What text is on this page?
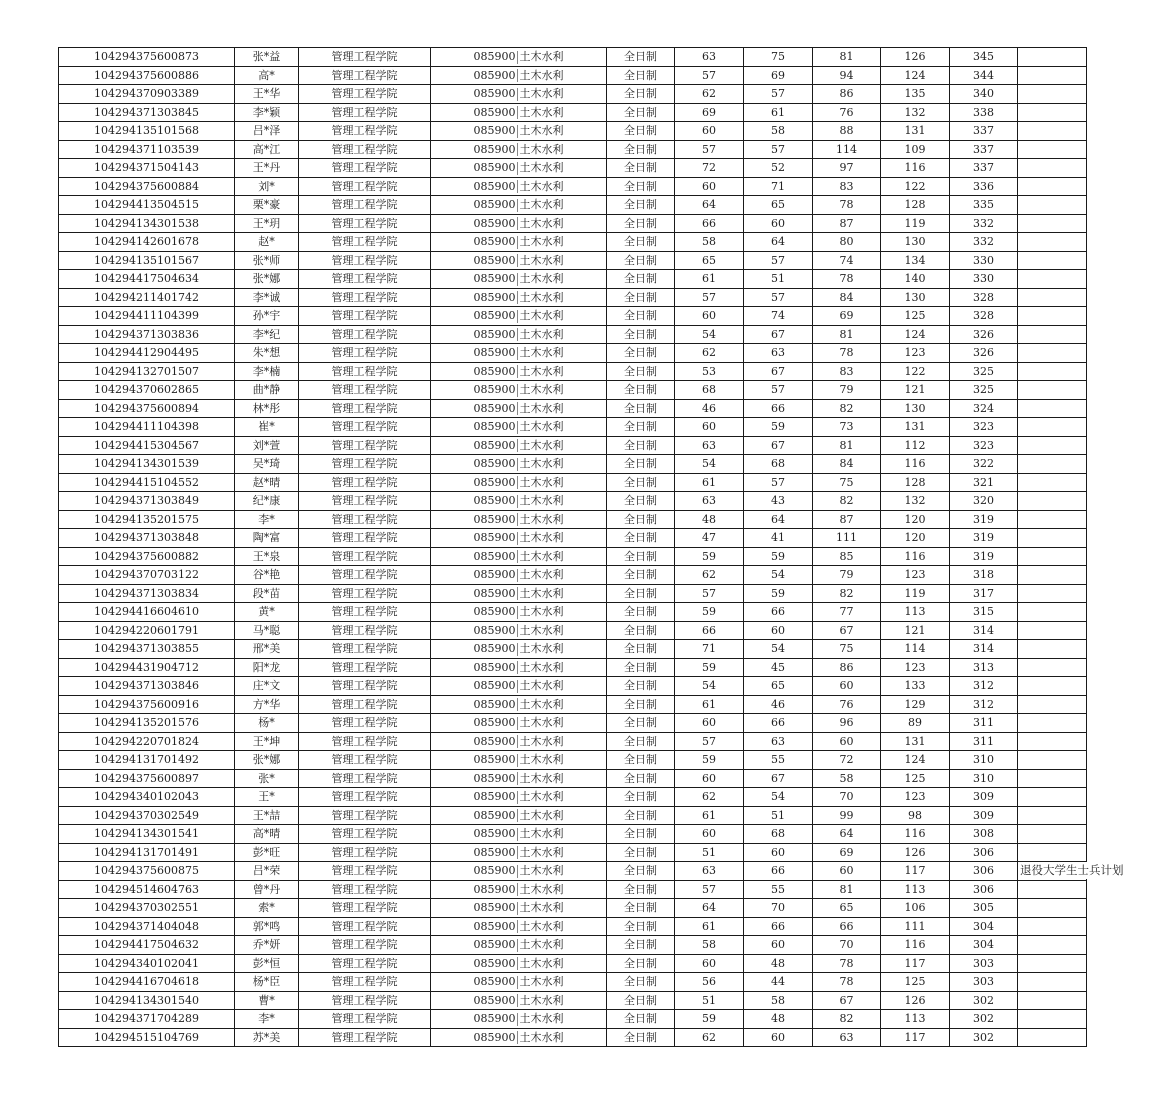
104294375600873	张*益	管理工程学院	085900 土木水利	全日制	63	75	81	126	345	
104294375600886	高*	管理工程学院	085900 土木水利	全日制	57	69	94	124	344	
104294370903389	王*华	管理工程学院	085900 土木水利	全日制	62	57	86	135	340	
104294371303845	李*颖	管理工程学院	085900 土木水利	全日制	69	61	76	132	338	
104294135101568	吕*泽	管理工程学院	085900 土木水利	全日制	60	58	88	131	337	
104294371103539	高*江	管理工程学院	085900 土木水利	全日制	57	57	114	109	337	
104294371504143	王*丹	管理工程学院	085900 土木水利	全日制	72	52	97	116	337	
104294375600884	刘*	管理工程学院	085900 土木水利	全日制	60	71	83	122	336	
104294413504515	栗*豪	管理工程学院	085900 土木水利	全日制	64	65	78	128	335	
104294134301538	王*玥	管理工程学院	085900 土木水利	全日制	66	60	87	119	332	
104294142601678	赵*	管理工程学院	085900 土木水利	全日制	58	64	80	130	332	
104294135101567	张*师	管理工程学院	085900 土木水利	全日制	65	57	74	134	330	
104294417504634	张*娜	管理工程学院	085900 土木水利	全日制	61	51	78	140	330	
104294211401742	李*诚	管理工程学院	085900 土木水利	全日制	57	57	84	130	328	
104294411104399	孙*宇	管理工程学院	085900 土木水利	全日制	60	74	69	125	328	
104294371303836	李*纪	管理工程学院	085900 土木水利	全日制	54	67	81	124	326	
104294412904495	朱*想	管理工程学院	085900 土木水利	全日制	62	63	78	123	326	
104294132701507	李*楠	管理工程学院	085900 土木水利	全日制	53	67	83	122	325	
104294370602865	曲*静	管理工程学院	085900 土木水利	全日制	68	57	79	121	325	
104294375600894	林*彤	管理工程学院	085900 土木水利	全日制	46	66	82	130	324	
104294411104398	崔*	管理工程学院	085900 土木水利	全日制	60	59	73	131	323	
104294415304567	刘*萱	管理工程学院	085900 土木水利	全日制	63	67	81	112	323	
104294134301539	吴*琦	管理工程学院	085900 土木水利	全日制	54	68	84	116	322	
104294415104552	赵*晴	管理工程学院	085900 土木水利	全日制	61	57	75	128	321	
104294371303849	纪*康	管理工程学院	085900 土木水利	全日制	63	43	82	132	320	
104294135201575	李*	管理工程学院	085900 土木水利	全日制	48	64	87	120	319	
104294371303848	陶*富	管理工程学院	085900 土木水利	全日制	47	41	111	120	319	
104294375600882	王*泉	管理工程学院	085900 土木水利	全日制	59	59	85	116	319	
104294370703122	谷*艳	管理工程学院	085900 土木水利	全日制	62	54	79	123	318	
104294371303834	段*苗	管理工程学院	085900 土木水利	全日制	57	59	82	119	317	
104294416604610	黄*	管理工程学院	085900 土木水利	全日制	59	66	77	113	315	
104294220601791	马*聪	管理工程学院	085900 土木水利	全日制	66	60	67	121	314	
104294371303855	邢*美	管理工程学院	085900 土木水利	全日制	71	54	75	114	314	
104294431904712	阳*龙	管理工程学院	085900 土木水利	全日制	59	45	86	123	313	
104294371303846	庄*文	管理工程学院	085900 土木水利	全日制	54	65	60	133	312	
104294375600916	方*华	管理工程学院	085900 土木水利	全日制	61	46	76	129	312	
104294135201576	杨*	管理工程学院	085900 土木水利	全日制	60	66	96	89	311	
104294220701824	王*坤	管理工程学院	085900 土木水利	全日制	57	63	60	131	311	
104294131701492	张*娜	管理工程学院	085900 土木水利	全日制	59	55	72	124	310	
104294375600897	张*	管理工程学院	085900 土木水利	全日制	60	67	58	125	310	
104294340102043	王*	管理工程学院	085900 土木水利	全日制	62	54	70	123	309	
104294370302549	王*喆	管理工程学院	085900 土木水利	全日制	61	51	99	98	309	
104294134301541	高*晴	管理工程学院	085900 土木水利	全日制	60	68	64	116	308	
104294131701491	彭*旺	管理工程学院	085900 土木水利	全日制	51	60	69	126	306	
104294375600875	吕*荣	管理工程学院	085900 土木水利	全日制	63	66	60	117	306	退役大学生士兵计划

104294514604763	曾*丹	管理工程学院	085900 土木水利	全日制	57	55	81	113	306	
104294370302551	索*	管理工程学院	085900 土木水利	全日制	64	70	65	106	305	
104294371404048	郭*鸣	管理工程学院	085900 土木水利	全日制	61	66	66	111	304	
104294417504632	乔*妍	管理工程学院	085900 土木水利	全日制	58	60	70	116	304	
104294340102041	彭*恒	管理工程学院	085900 土木水利	全日制	60	48	78	117	303	
104294416704618	杨*臣	管理工程学院	085900 土木水利	全日制	56	44	78	125	303	
104294134301540	曹*	管理工程学院	085900 土木水利	全日制	51	58	67	126	302	
104294371704289	李*	管理工程学院	085900 土木水利	全日制	59	48	82	113	302	
104294515104769	苏*美	管理工程学院	085900 土木水利	全日制	62	60	63	117	302	
